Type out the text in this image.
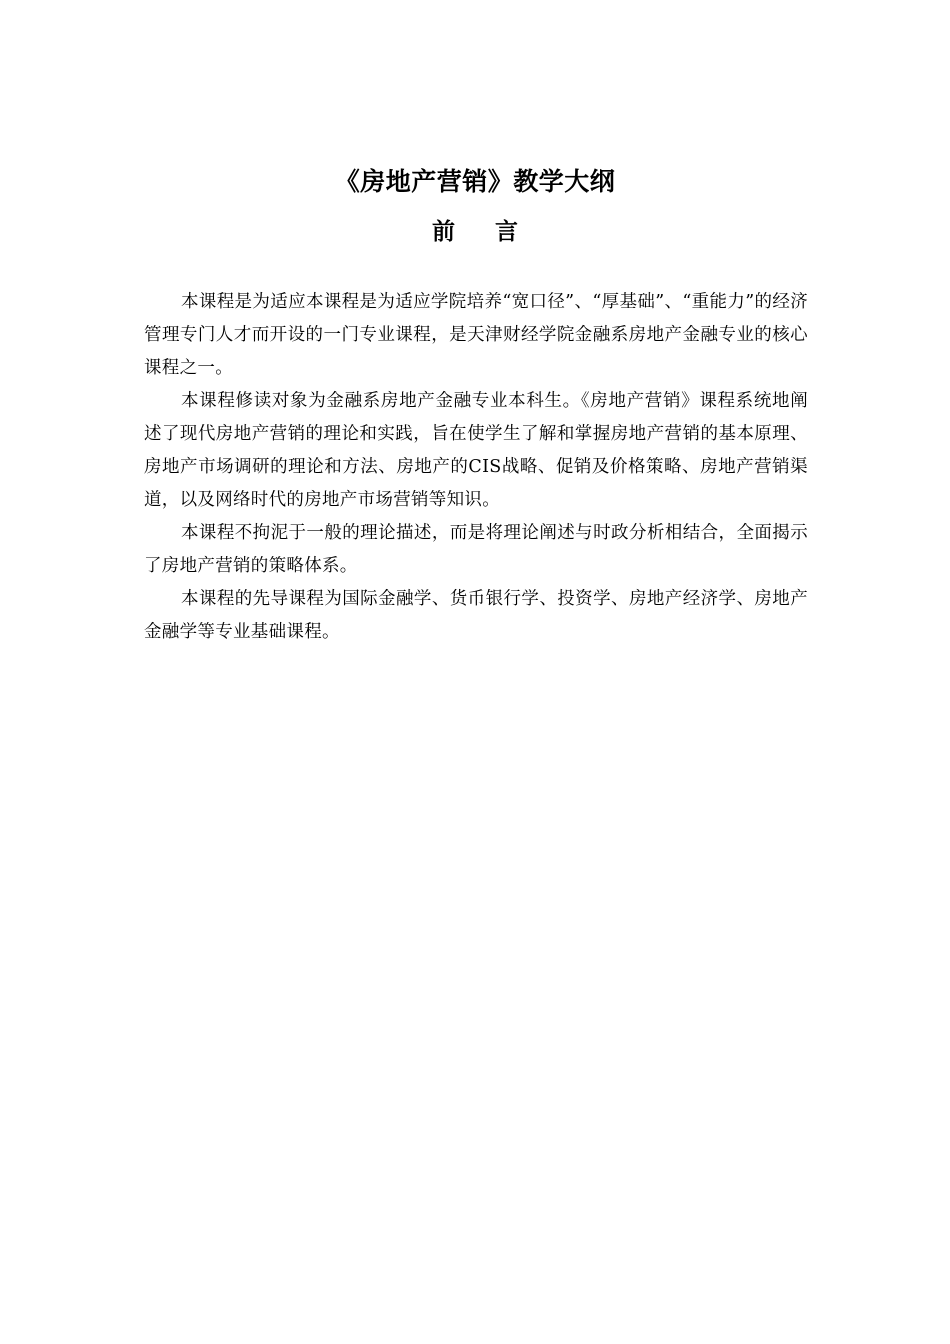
《房地产营销》教学大纲
前言

本课程是为适应本课程是为适应学院培养“宽口径”、“厚基础”、“重能力”的经济管理专门人才而开设的一门专业课程，是天津财经学院金融系房地产金融专业的核心课程之一。

本课程修读对象为金融系房地产金融专业本科生。《房地产营销》课程系统地阐述了现代房地产营销的理论和实践，旨在使学生了解和掌握房地产营销的基本原理、房地产市场调研的理论和方法、房地产的CIS战略、促销及价格策略、房地产营销渠道，以及网络时代的房地产市场营销等知识。

本课程不拘泥于一般的理论描述，而是将理论阐述与时政分析相结合，全面揭示了房地产营销的策略体系。

本课程的先导课程为国际金融学、货币银行学、投资学、房地产经济学、房地产金融学等专业基础课程。
